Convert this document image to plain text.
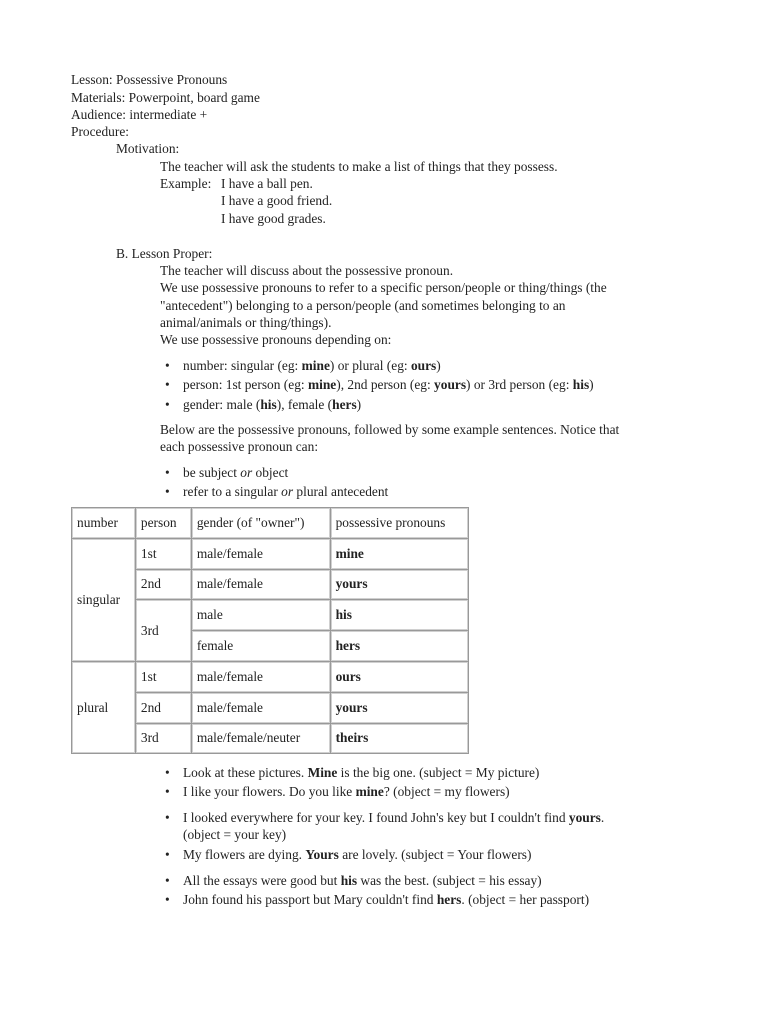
Lesson: Possessive Pronouns
Materials: Powerpoint, board game
Audience: intermediate +
Procedure:
Motivation:
The teacher will ask the students to make a list of things that they possess.
Example: I have a ball pen.
I have a good friend.
I have good grades.
B. Lesson Proper:
The teacher will discuss about the possessive pronoun.
We use possessive pronouns to refer to a specific person/people or thing/things (the
"antecedent") belonging to a person/people (and sometimes belonging to an
animal/animals or thing/things).
We use possessive pronouns depending on:
• number: singular (eg: mine) or plural (eg: ours)
• person: 1st person (eg: mine), 2nd person (eg: yours) or 3rd person (eg: his)
• gender: male (his), female (hers)
Below are the possessive pronouns, followed by some example sentences. Notice that
each possessive pronoun can:
• be subject or object
• refer to a singular or plural antecedent
number	person	gender (of "owner")	possessive pronouns
singular	1st	male/female	mine
	2nd	male/female	yours
	3rd	male	his
		female	hers
plural	1st	male/female	ours
	2nd	male/female	yours
	3rd	male/female/neuter	theirs
• Look at these pictures. Mine is the big one. (subject = My picture)
• I like your flowers. Do you like mine? (object = my flowers)
• I looked everywhere for your key. I found John's key but I couldn't find yours.
(object = your key)
• My flowers are dying. Yours are lovely. (subject = Your flowers)
• All the essays were good but his was the best. (subject = his essay)
• John found his passport but Mary couldn't find hers. (object = her passport)
